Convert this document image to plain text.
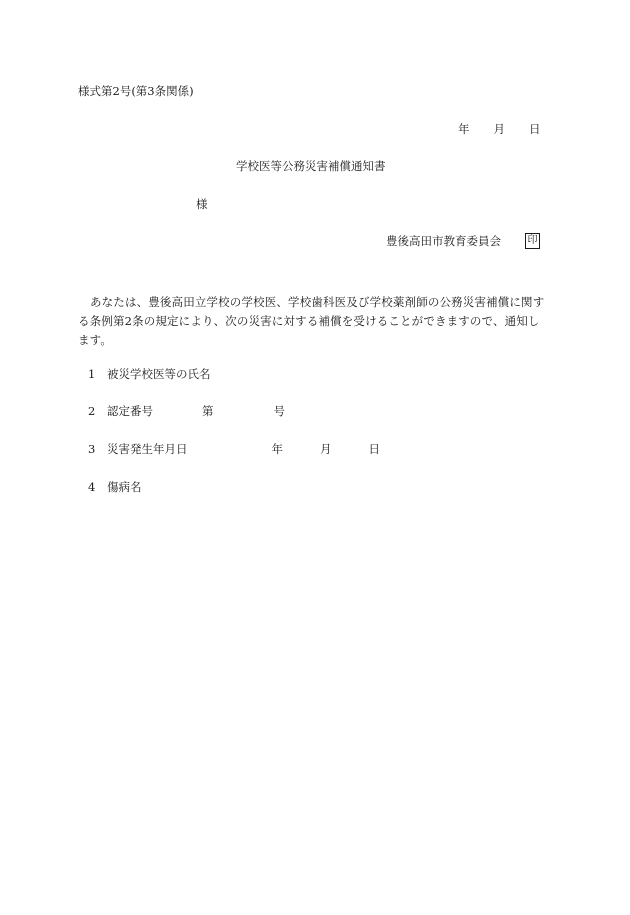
様式第2号(第3条関係)
年 月 日
学校医等公務災害補償通知書
様
豊後高田市教育委員会	印
あなたは、豊後高田立学校の学校医、学校歯科医及び学校薬剤師の公務災害補償に関す
る条例第2条の規定により、次の災害に対する補償を受けることができますので、通知し
ます。
1 被災学校医等の氏名
2 認定番号	第	号
3 災害発生年月日	年	月	日
4 傷病名
